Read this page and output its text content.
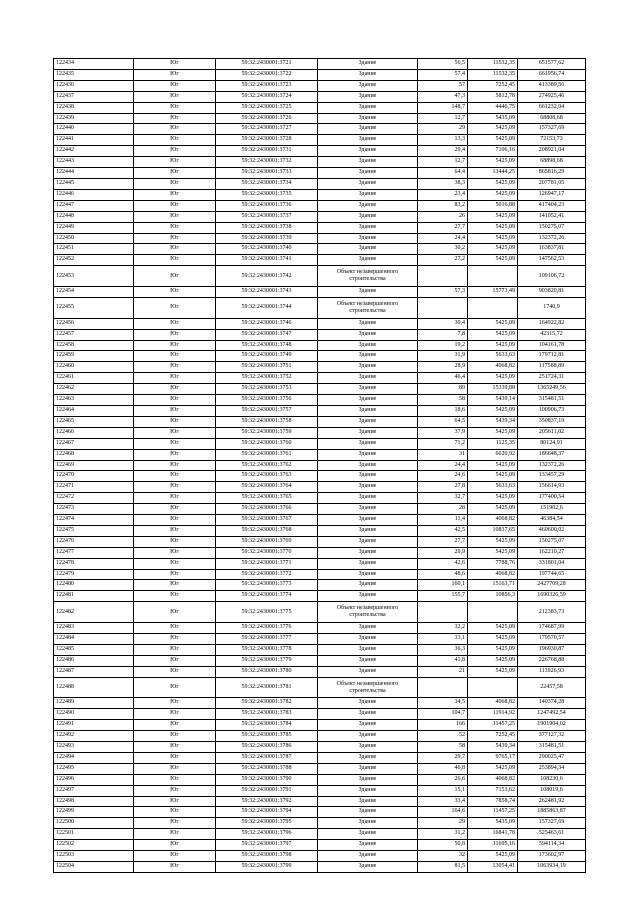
122434	Юг	59:32:2430001:3721	Здание	56,5	11532,35	651577,62
122435	Юг	59:32:2430001:3722	Здание	57,4	11532,35	661956,74
122436	Юг	59:32:2430001:3723	Здание	57	7252,45	413389,56
122437	Юг	59:32:2430001:3724	Здание	47,3	5812,78	274925,46
122438	Юг	59:32:2430001:3725	Здание	148,7	4446,75	661232,04
122439	Юг	59:32:2430001:3726	Здание	12,7	5435,09	68808,68
122440	Юг	59:32:2430001:3727	Здание	29	5425,09	157327,69
122441	Юг	59:32:2430001:3728	Здание	13,3	5425,09	72153,73
122442	Юг	59:32:2430001:3731	Здание	29,4	7106,16	208921,04
122443	Юг	59:32:2430001:3732	Здание	12,7	5425,09	68898,68
122444	Юг	59:32:2430001:3733	Здание	64,4	13444,25	865816,29
122445	Юг	59:32:2430001:3734	Здание	38,3	5425,09	207781,05
122446	Юг	59:32:2430001:3735	Здание	23,4	5425,09	126947,17
122447	Юг	59:32:2430001:3736	Здание	83,2	5016,88	417404,23
122448	Юг	59:32:2430001:3737	Здание	26	5425,09	141052,41
122449	Юг	59:32:2430001:3738	Здание	27,7	5425,09	150275,07
122450	Юг	59:32:2430001:3739	Здание	24,4	5425,09	132372,26
122451	Юг	59:32:2430001:3740	Здание	30,2	5425,09	163837,81
122452	Юг	59:32:2430001:3741	Здание	27,2	5425,09	147562,53
122453	Юг	59:32:2430001:3742	Объект незавершенного строительства			109106,72
122454	Юг	59:32:2430001:3743	Здание	57,3	15773,49	903820,81
122455	Юг	59:32:2430001:3744	Объект незавершенного строительства			1740,9
122456	Юг	59:32:2430001:3746	Здание	30,4	5425,09	164922,82
122457	Юг	59:32:2430001:3747	Здание	7,8	5425,09	42315,72
122458	Юг	59:32:2430001:3748	Здание	19,2	5425,09	104161,78
122459	Юг	59:32:2430001:3749	Здание	31,9	5633,63	179712,81
122460	Юг	59:32:2430001:3751	Здание	28,9	4068,82	117588,89
122461	Юг	59:32:2430001:3752	Здание	46,4	5425,09	251724,31
122462	Юг	59:32:2430001:3753	Здание	89	15339,88	1365249,56
122463	Юг	59:32:2430001:3756	Здание	58	5439,14	315481,51
122464	Юг	59:32:2430001:3757	Здание	18,6	5425,09	100906,73
122465	Юг	59:32:2430001:3758	Здание	64,5	5439,34	350837,19
122466	Юг	59:32:2430001:3759	Здание	37,9	5425,09	205611,02
122467	Юг	59:32:2430001:3760	Здание	71,2	1125,35	80124,91
122468	Юг	59:32:2430001:3761	Здание	31	6020,92	186648,37
122469	Юг	59:32:2430001:3762	Здание	24,4	5425,09	132372,26
122470	Юг	59:32:2430001:3763	Здание	24,6	5425,09	133457,29
122471	Юг	59:32:2430001:3764	Здание	27,8	5633,63	156614,93
122472	Юг	59:32:2430001:3765	Здание	32,7	5425,09	177400,54
122473	Юг	59:32:2430001:3766	Здание	28	5425,09	151902,6
122474	Юг	59:32:2430001:3767	Здание	11,4	4068,82	46384,54
122475	Юг	59:32:2430001:3768	Здание	42,5	10837,65	460600,02
122476	Юг	59:32:2430001:3769	Здание	27,7	5425,09	150275,07
122477	Юг	59:32:2430001:3770	Здание	29,9	5425,09	162210,27
122478	Юг	59:32:2430001:3771	Здание	42,6	7788,76	331801,04
122479	Юг	59:32:2430001:3772	Здание	48,6	4068,82	197744,65
122480	Юг	59:32:2430001:3773	Здание	160,1	15163,71	2427709,28
122481	Юг	59:32:2430001:3774	Здание	155,7	10856,3	1690326,59
122482	Юг	59:32:2430001:3775	Объект незавершенного строительства			212383,73
122483	Юг	59:32:2430001:3776	Здание	32,2	5425,09	174687,99
122484	Юг	59:32:2430001:3777	Здание	33,1	5425,09	179570,57
122485	Юг	59:32:2430001:3778	Здание	36,3	5425,09	196930,87
122486	Юг	59:32:2430001:3779	Здание	41,8	5425,09	226768,88
122487	Юг	59:32:2430001:3780	Здание	21	5425,09	113926,93
122488	Юг	59:32:2430001:3781	Объект незавершенного строительства			22457,58
122489	Юг	59:32:2430001:3782	Здание	34,5	4068,82	140374,28
122490	Юг	59:32:2430001:3783	Здание	104,7	11914,92	1247492,54
122491	Юг	59:32:2430001:3784	Здание	166	11457,25	1901904,02
122492	Юг	59:32:2430001:3785	Здание	52	7252,45	377127,32
122493	Юг	59:32:2430001:3786	Здание	58	5439,34	315481,51
122494	Юг	59:32:2430001:3787	Здание	29,7	9765,17	290025,47
122495	Юг	59:32:2430001:3788	Здание	46,8	5425,09	253894,34
122496	Юг	59:32:2430001:3790	Здание	26,6	4068,82	108230,6
122497	Юг	59:32:2430001:3791	Здание	15,1	7153,62	108019,6
122498	Юг	59:32:2430001:3792	Здание	33,4	7858,74	262481,92
122499	Юг	59:32:2430001:3794	Здание	164,6	11457,25	1885863,87
122500	Юг	59:32:2430001:3795	Здание	29	5435,09	157327,69
122501	Юг	59:32:2430001:3796	Здание	31,2	16841,78	525463,61
122502	Юг	59:32:2430001:3797	Здание	50,8	11695,16	594114,34
122503	Юг	59:32:2430001:3798	Здание	32	5425,09	173602,97
122504	Юг	59:32:2430001:3799	Здание	81,5	13054,41	1063934,19
